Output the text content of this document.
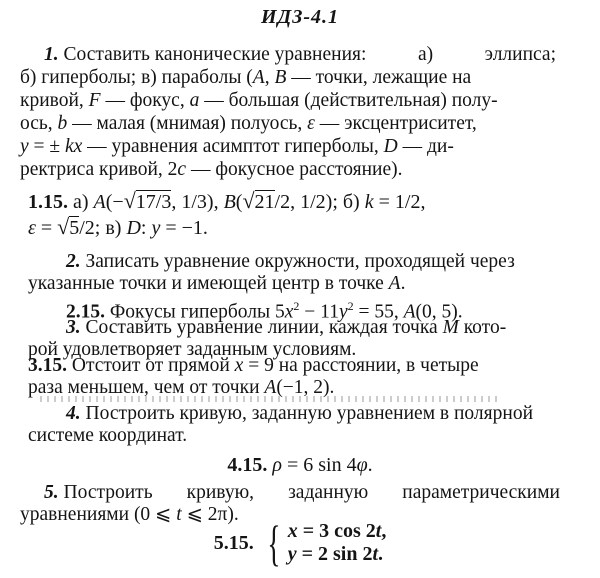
ИДЗ-4.1
1.
Составить канонические уравнения:	а)	эллипса;
б) гиперболы; в) параболы (A, B — точки, лежащие на
кривой, F — фокус, a — большая (действительная) полу-
ось, b — малая (мнимая) полуось, ε — эксцентриситет,
y = ± kx — уравнения асимптот гиперболы, D — ди-
ректриса кривой, 2c — фокусное расстояние).
1.15. а) A(−√17/3, 1/3), B(√21/2, 1/2); б) k = 1/2,
ε = √5/2; в) D: y = −1.
2. Записать уравнение окружности, проходящей через
указанные точки и имеющей центр в точке A.
2.15. Фокусы гиперболы $5x^2 - 11y^2 = 55$, A(0, 5).
3. Составить уравнение линии, каждая точка M кото-
рой удовлетворяет заданным условиям.
3.15. Отстоит от прямой x = 9 на расстоянии, в четыре
раза меньшем, чем от точки A(−1, 2).
4. Построить кривую, заданную уравнением в полярной
системе координат.
4.15. ρ = 6 sin 4φ.
5.
Построить кривую, заданную параметрическими
уравнениями (0 ⩽ t ⩽ 2π).
5.15. { x = 3 cos 2t,
y = 2 sin 2t.
